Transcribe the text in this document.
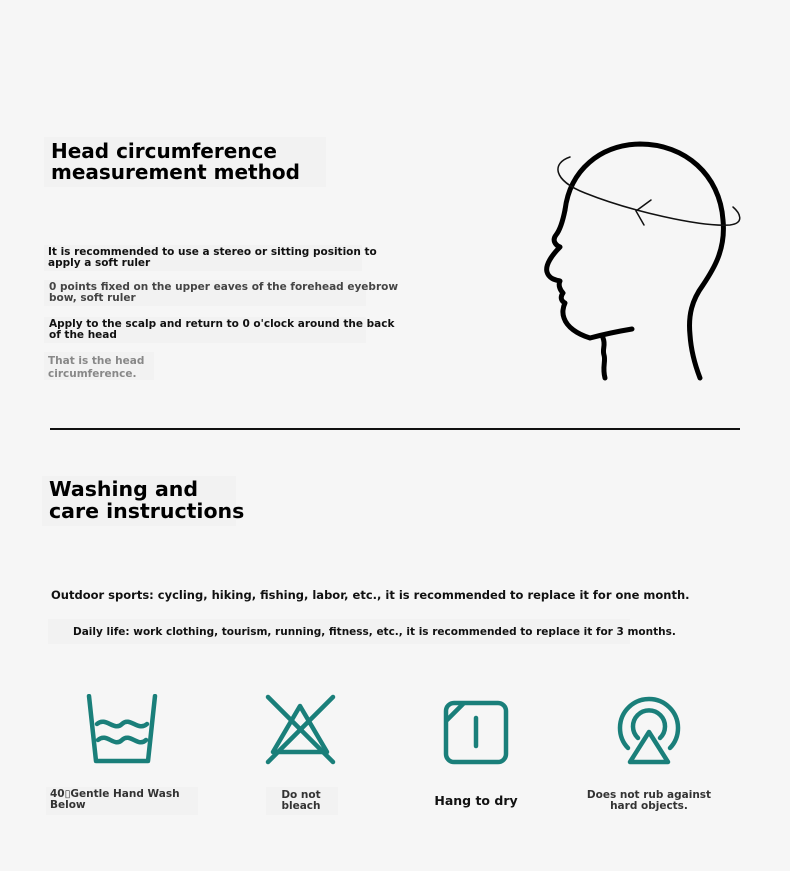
Head circumference
measurement method

It is recommended to use a stereo or sitting position to
apply a soft ruler

0 points fixed on the upper eaves of the forehead eyebrow
bow, soft ruler

Apply to the scalp and return to 0 o'clock around the back
of the head

That is the head
circumference.

Washing and
care instructions
Outdoor sports: cycling, hiking, fishing, labor, etc., it is recommended to replace it for one month.
Daily life: work clothing, tourism, running, fitness, etc., it is recommended to replace it for 3 months.
40▯Gentle Hand Wash
Below
Do not
bleach	Hang to dry	Does not rub against
hard objects.
